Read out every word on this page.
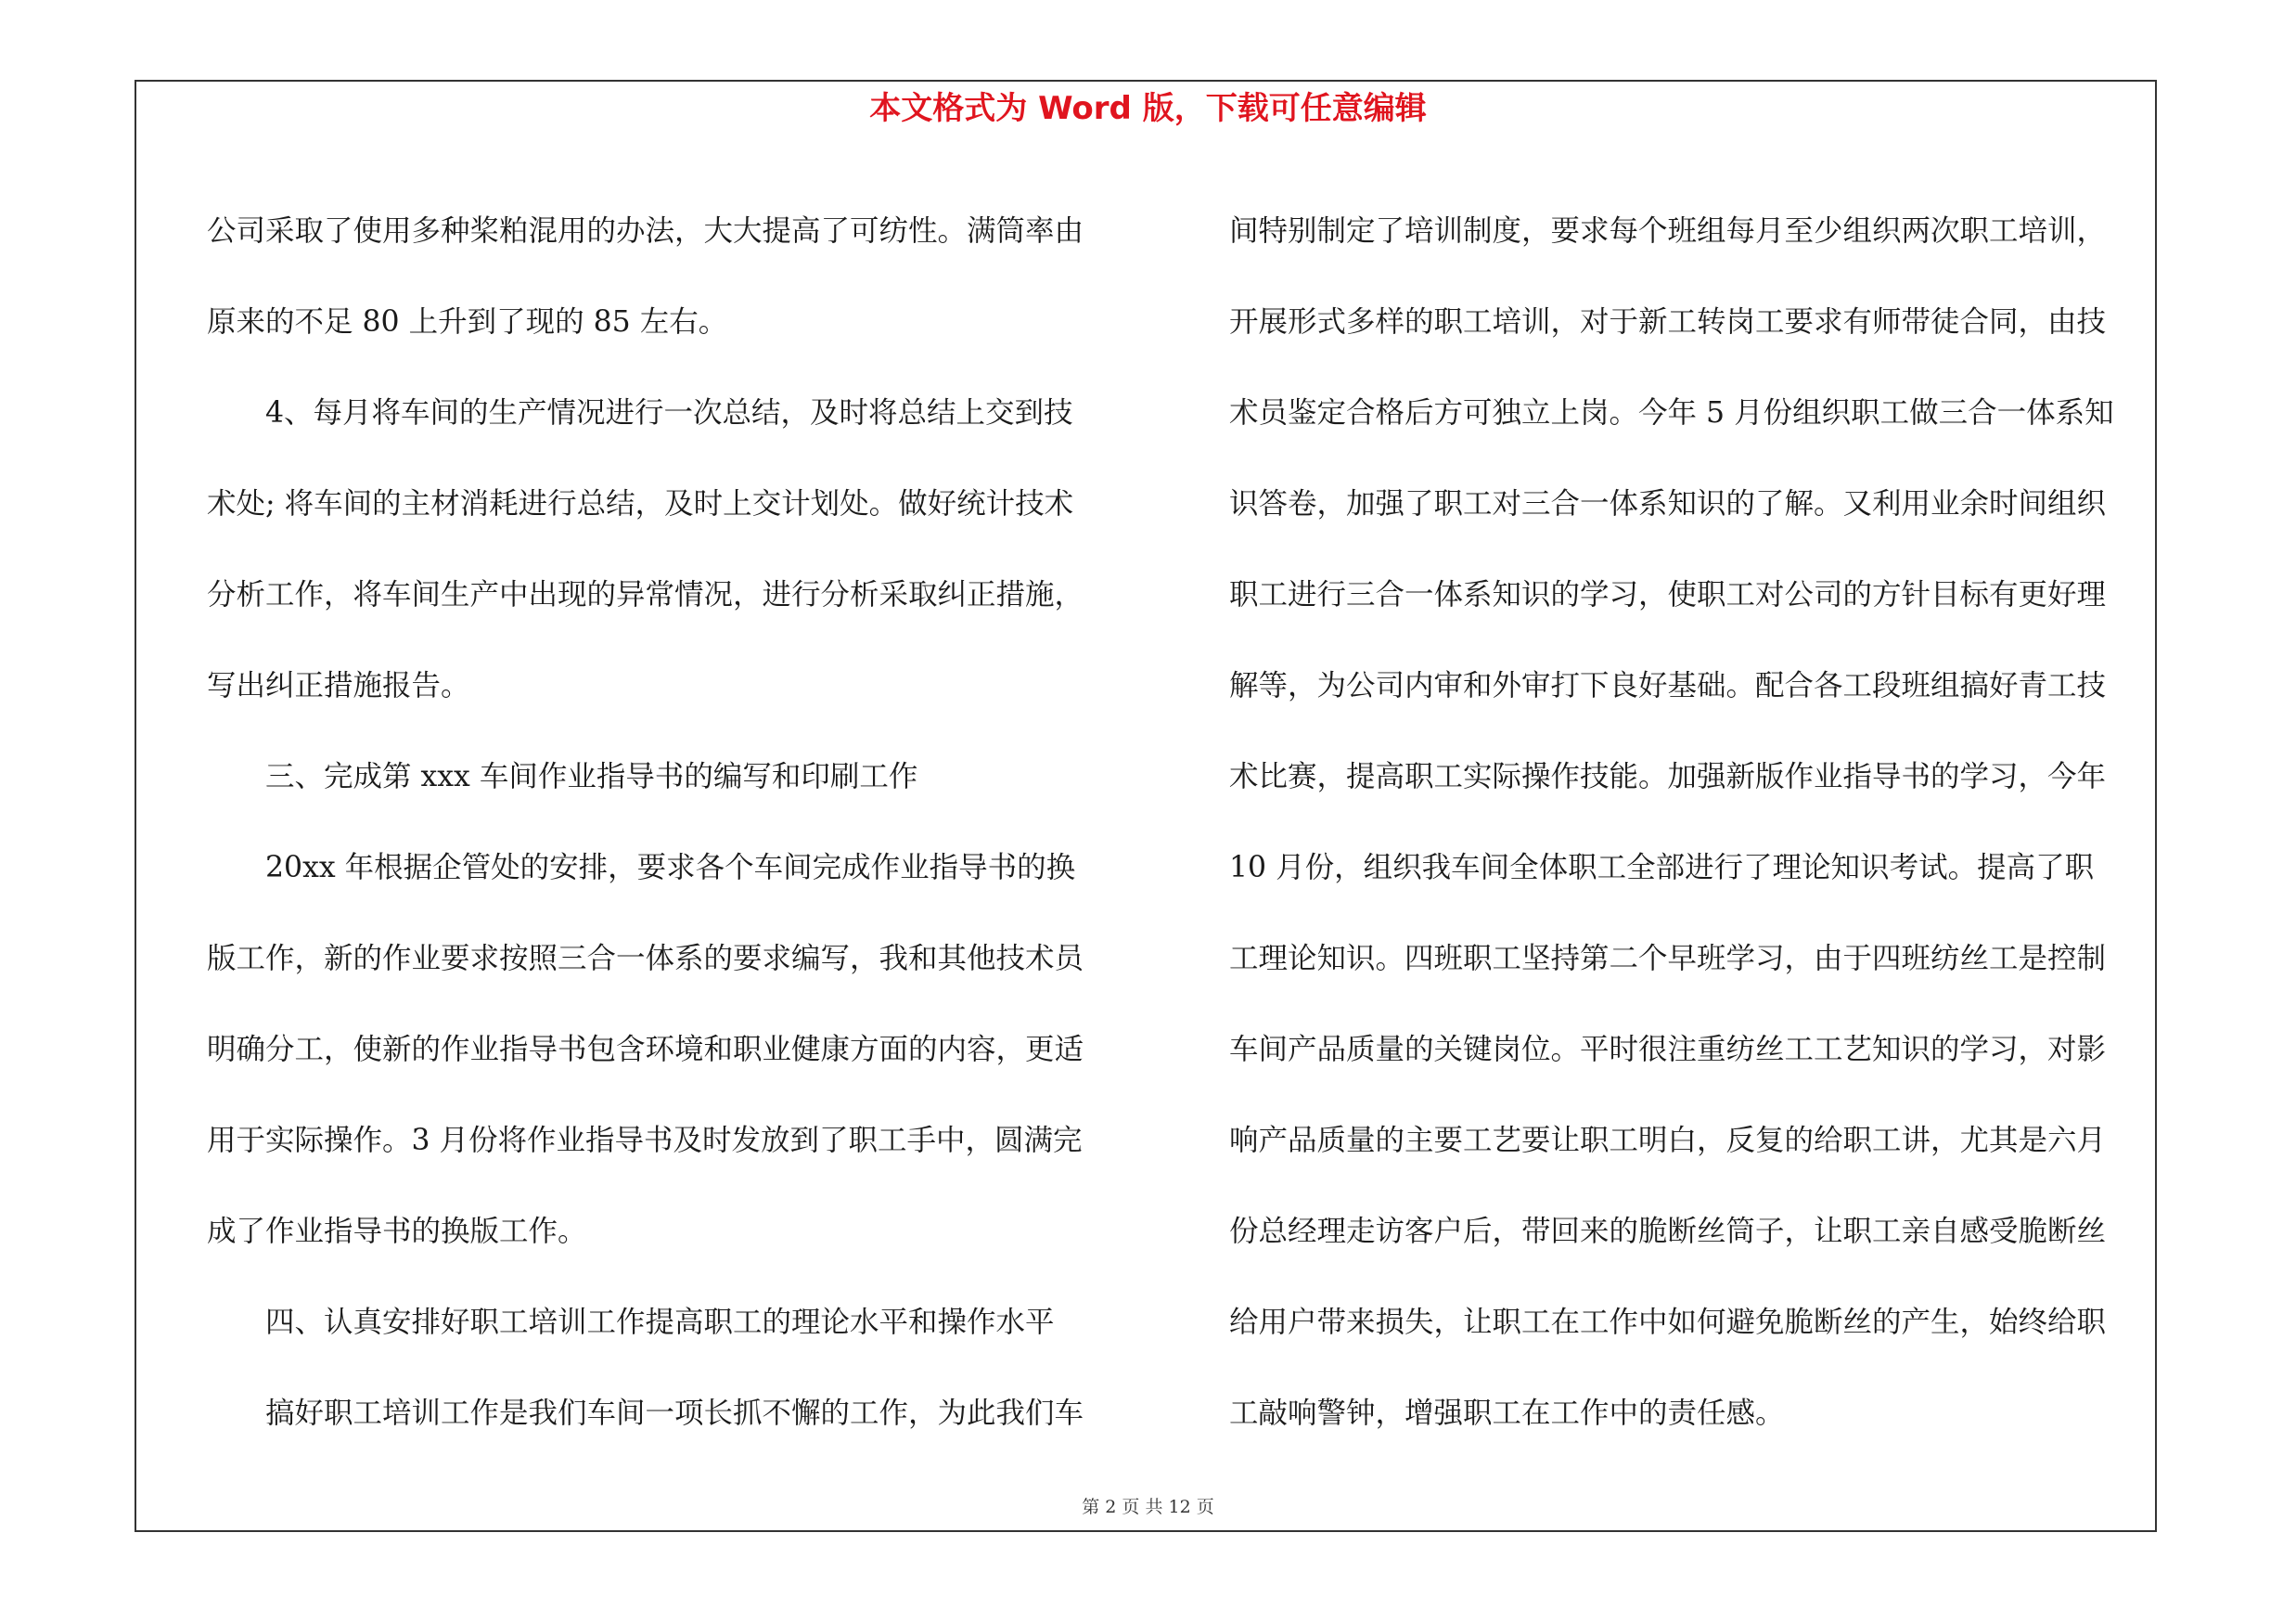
本文格式为 Word 版，下载可任意编辑
公司采取了使用多种桨粕混用的办法，大大提高了可纺性。满筒率由
原来的不足 80 上升到了现的 85 左右。
　　4、每月将车间的生产情况进行一次总结，及时将总结上交到技
术处; 将车间的主材消耗进行总结，及时上交计划处。做好统计技术
分析工作，将车间生产中出现的异常情况，进行分析采取纠正措施，
写出纠正措施报告。
　　三、完成第 xxx 车间作业指导书的编写和印刷工作
　　20xx 年根据企管处的安排，要求各个车间完成作业指导书的换
版工作，新的作业要求按照三合一体系的要求编写，我和其他技术员
明确分工，使新的作业指导书包含环境和职业健康方面的内容，更适
用于实际操作。3 月份将作业指导书及时发放到了职工手中，圆满完
成了作业指导书的换版工作。
　　四、认真安排好职工培训工作提高职工的理论水平和操作水平
　　搞好职工培训工作是我们车间一项长抓不懈的工作，为此我们车
间特别制定了培训制度，要求每个班组每月至少组织两次职工培训，
开展形式多样的职工培训，对于新工转岗工要求有师带徒合同，由技
术员鉴定合格后方可独立上岗。今年 5 月份组织职工做三合一体系知
识答卷，加强了职工对三合一体系知识的了解。又利用业余时间组织
职工进行三合一体系知识的学习，使职工对公司的方针目标有更好理
解等，为公司内审和外审打下良好基础。配合各工段班组搞好青工技
术比赛，提高职工实际操作技能。加强新版作业指导书的学习，今年
10 月份，组织我车间全体职工全部进行了理论知识考试。提高了职
工理论知识。四班职工坚持第二个早班学习，由于四班纺丝工是控制
车间产品质量的关键岗位。平时很注重纺丝工工艺知识的学习，对影
响产品质量的主要工艺要让职工明白，反复的给职工讲，尤其是六月
份总经理走访客户后，带回来的脆断丝筒子，让职工亲自感受脆断丝
给用户带来损失，让职工在工作中如何避免脆断丝的产生，始终给职
工敲响警钟，增强职工在工作中的责任感。
第 2 页 共 12 页
